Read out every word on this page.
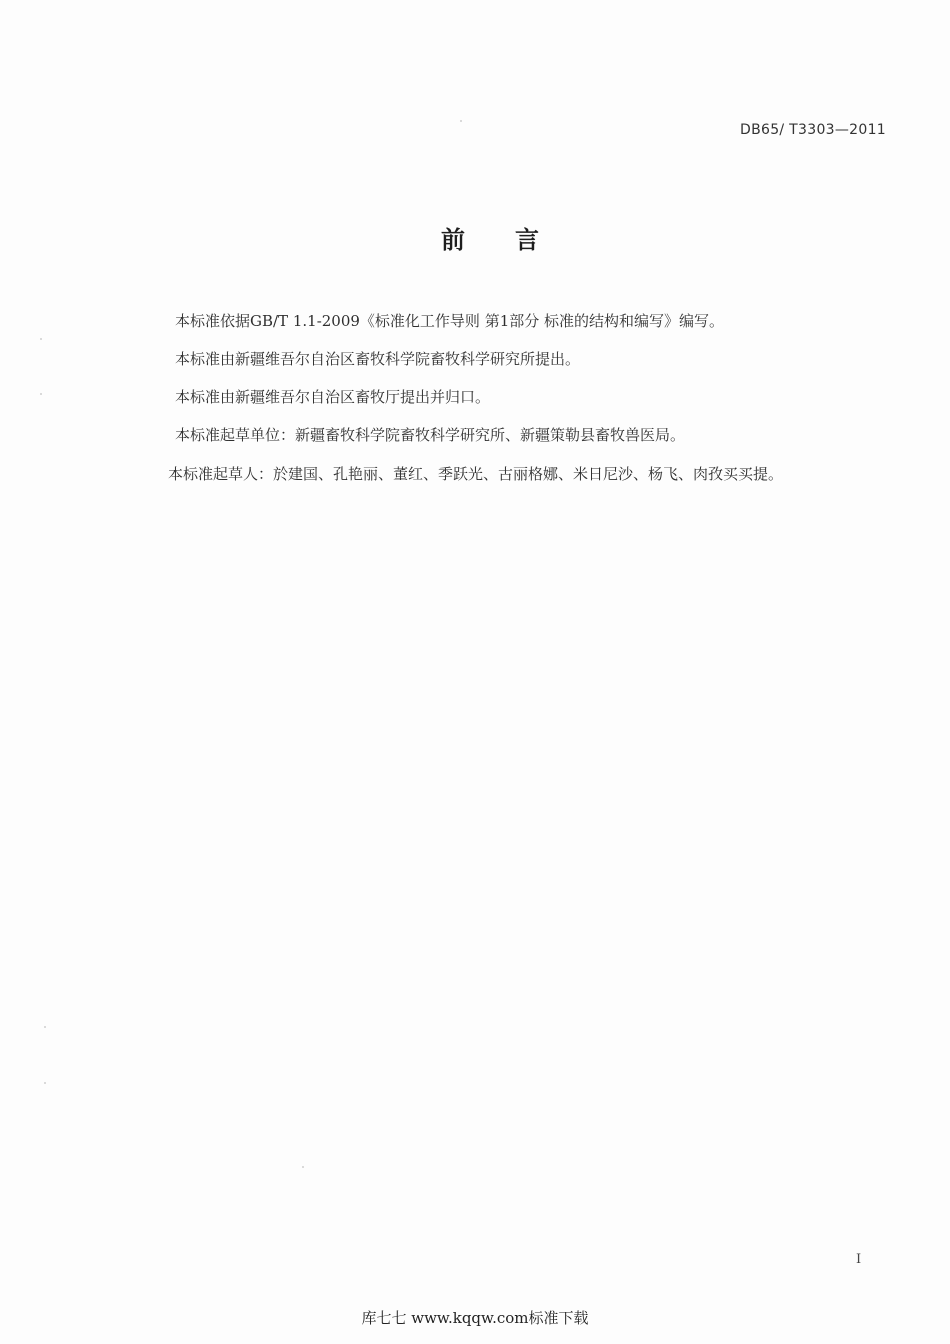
DB65/ T3303—2011
前言
本标准依据GB/T 1.1-2009《标准化工作导则 第1部分 标准的结构和编写》编写。
本标准由新疆维吾尔自治区畜牧科学院畜牧科学研究所提出。
本标准由新疆维吾尔自治区畜牧厅提出并归口。
本标准起草单位：新疆畜牧科学院畜牧科学研究所、新疆策勒县畜牧兽医局。
本标准起草人：於建国、孔艳丽、董红、季跃光、古丽格娜、米日尼沙、杨飞、肉孜买买提。
I
库七七 www.kqqw.com标准下载
